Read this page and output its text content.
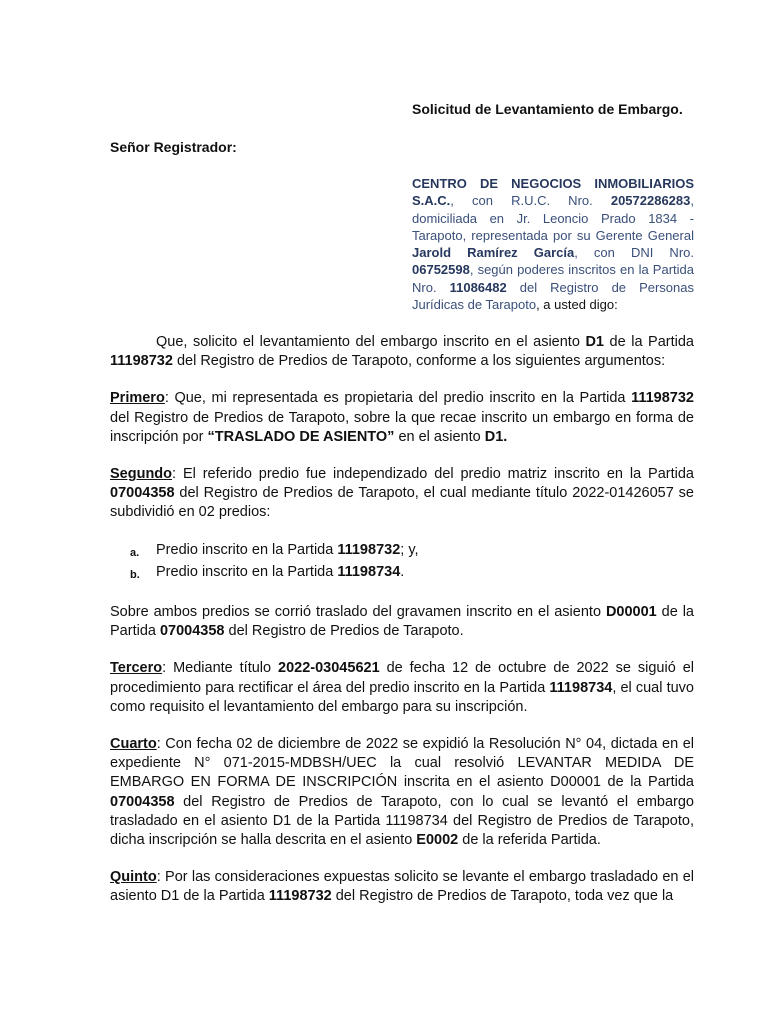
Solicitud de Levantamiento de Embargo.
Señor Registrador:
CENTRO DE NEGOCIOS INMOBILIARIOS S.A.C., con R.U.C. Nro. 20572286283, domiciliada en Jr. Leoncio Prado 1834 - Tarapoto, representada por su Gerente General Jarold Ramírez García, con DNI Nro. 06752598, según poderes inscritos en la Partida Nro. 11086482 del Registro de Personas Jurídicas de Tarapoto, a usted digo:

Que, solicito el levantamiento del embargo inscrito en el asiento D1 de la Partida 11198732 del Registro de Predios de Tarapoto, conforme a los siguientes argumentos:

Primero: Que, mi representada es propietaria del predio inscrito en la Partida 11198732 del Registro de Predios de Tarapoto, sobre la que recae inscrito un embargo en forma de inscripción por “TRASLADO DE ASIENTO” en el asiento D1.

Segundo: El referido predio fue independizado del predio matriz inscrito en la Partida 07004358 del Registro de Predios de Tarapoto, el cual mediante título 2022-01426057 se subdividió en 02 predios:

a.	Predio inscrito en la Partida 11198732; y,
b.	Predio inscrito en la Partida 11198734.

Sobre ambos predios se corrió traslado del gravamen inscrito en el asiento D00001 de la Partida 07004358 del Registro de Predios de Tarapoto.

Tercero: Mediante título 2022-03045621 de fecha 12 de octubre de 2022 se siguió el procedimiento para rectificar el área del predio inscrito en la Partida 11198734, el cual tuvo como requisito el levantamiento del embargo para su inscripción.

Cuarto: Con fecha 02 de diciembre de 2022 se expidió la Resolución N° 04, dictada en el expediente N° 071-2015-MDBSH/UEC la cual resolvió LEVANTAR MEDIDA DE EMBARGO EN FORMA DE INSCRIPCIÓN inscrita en el asiento D00001 de la Partida 07004358 del Registro de Predios de Tarapoto, con lo cual se levantó el embargo trasladado en el asiento D1 de la Partida 11198734 del Registro de Predios de Tarapoto, dicha inscripción se halla descrita en el asiento E0002 de la referida Partida.

Quinto: Por las consideraciones expuestas solicito se levante el embargo trasladado en el asiento D1 de la Partida 11198732 del Registro de Predios de Tarapoto, toda vez que la
